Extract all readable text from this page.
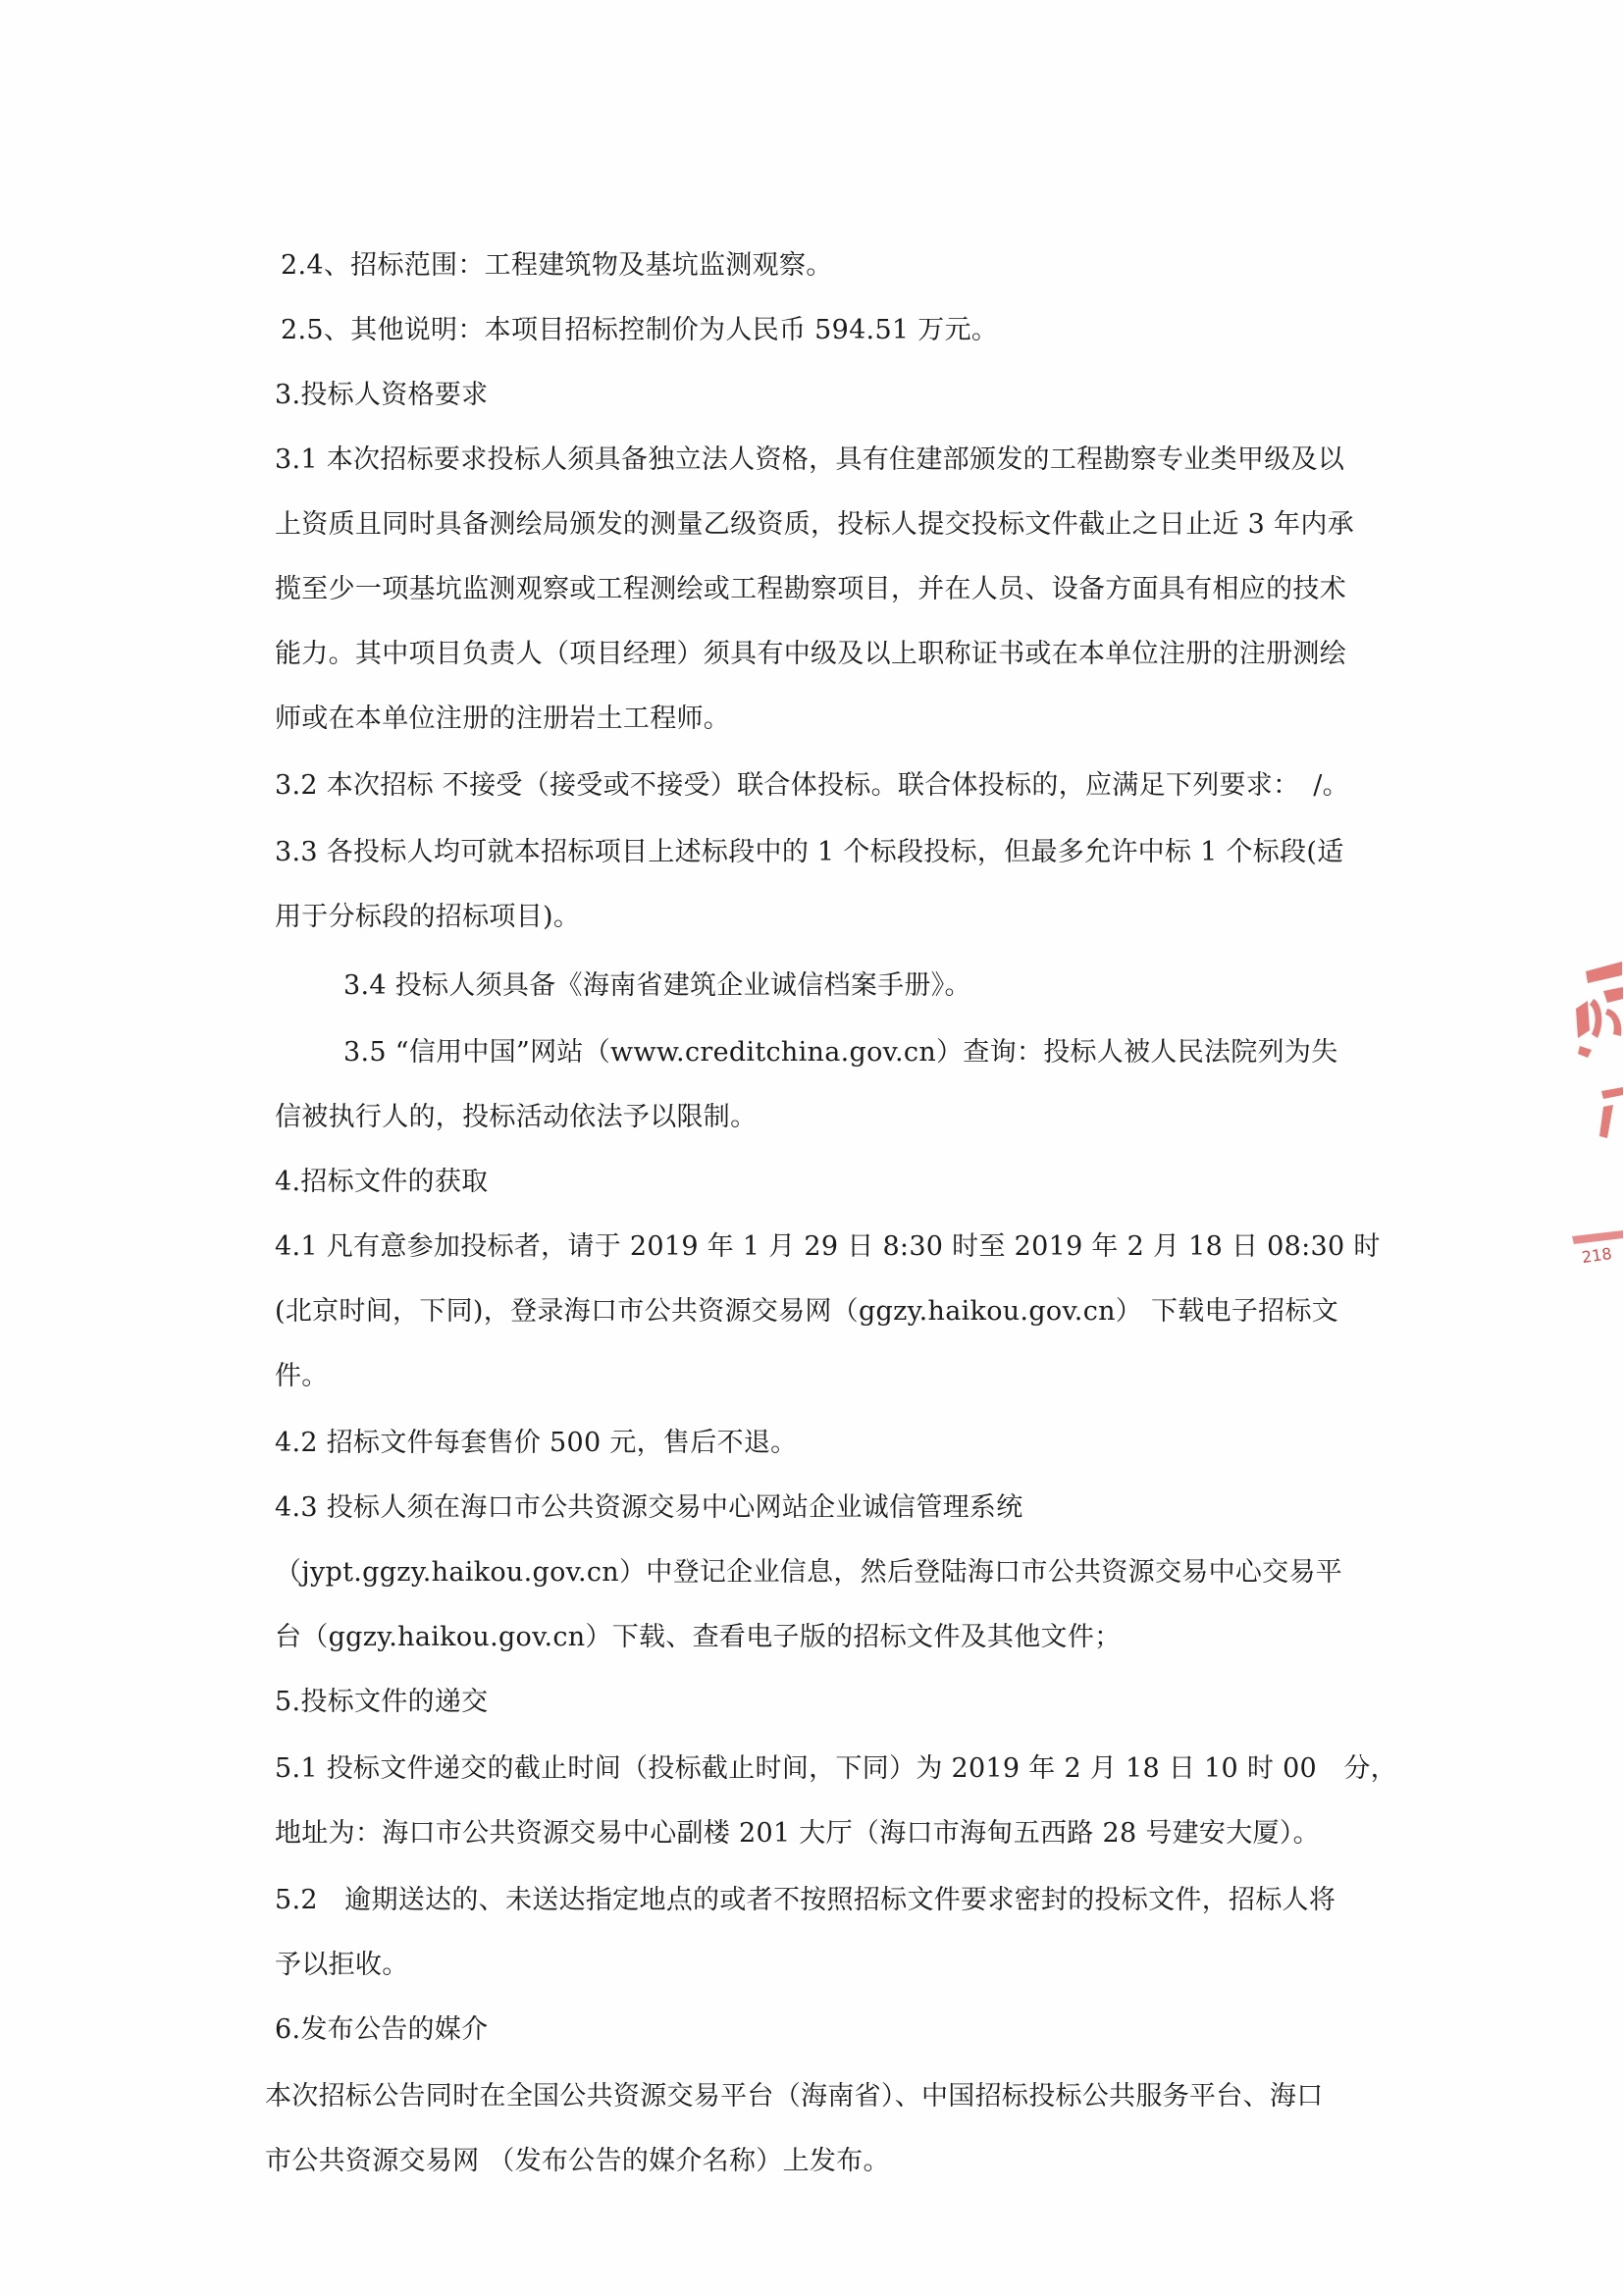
2.4、招标范围：工程建筑物及基坑监测观察。
2.5、其他说明：本项目招标控制价为人民币 594.51 万元。
3.投标人资格要求
3.1 本次招标要求投标人须具备独立法人资格，具有住建部颁发的工程勘察专业类甲级及以
上资质且同时具备测绘局颁发的测量乙级资质，投标人提交投标文件截止之日止近 3 年内承
揽至少一项基坑监测观察或工程测绘或工程勘察项目，并在人员、设备方面具有相应的技术
能力。其中项目负责人（项目经理）须具有中级及以上职称证书或在本单位注册的注册测绘
师或在本单位注册的注册岩土工程师。
3.2 本次招标 不接受（接受或不接受）联合体投标。联合体投标的，应满足下列要求：　/。
3.3 各投标人均可就本招标项目上述标段中的 1 个标段投标，但最多允许中标 1 个标段(适
用于分标段的招标项目)。
3.4 投标人须具备《海南省建筑企业诚信档案手册》。
3.5 “信用中国”网站（www.creditchina.gov.cn）查询：投标人被人民法院列为失
信被执行人的，投标活动依法予以限制。
4.招标文件的获取
4.1 凡有意参加投标者，请于 2019 年 1 月 29 日 8:30 时至 2019 年 2 月 18 日 08:30 时
(北京时间，下同)，登录海口市公共资源交易网（ggzy.haikou.gov.cn） 下载电子招标文
件。
4.2 招标文件每套售价 500 元，售后不退。
4.3 投标人须在海口市公共资源交易中心网站企业诚信管理系统
（jypt.ggzy.haikou.gov.cn）中登记企业信息，然后登陆海口市公共资源交易中心交易平
台（ggzy.haikou.gov.cn）下载、查看电子版的招标文件及其他文件；
5.投标文件的递交
5.1 投标文件递交的截止时间（投标截止时间，下同）为 2019 年 2 月 18 日 10 时 00　分，
地址为：海口市公共资源交易中心副楼 201 大厅（海口市海甸五西路 28 号建安大厦）。
5.2　逾期送达的、未送达指定地点的或者不按照招标文件要求密封的投标文件，招标人将
予以拒收。
6.发布公告的媒介
本次招标公告同时在全国公共资源交易平台（海南省）、中国招标投标公共服务平台、海口
市公共资源交易网 （发布公告的媒介名称）上发布。
218
